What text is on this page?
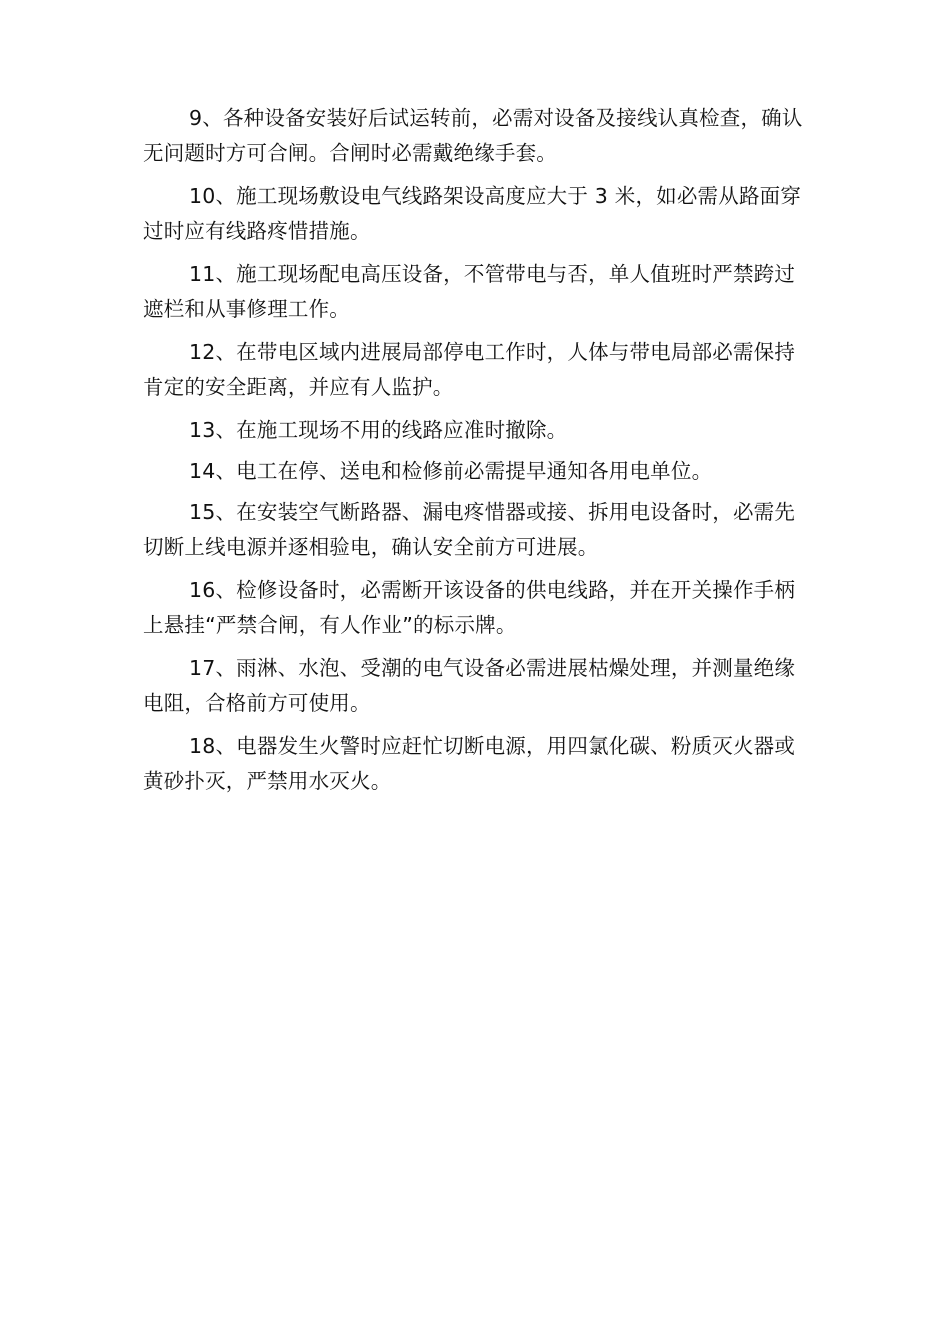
9、各种设备安装好后试运转前，必需对设备及接线认真检查，确认无问题时方可合闸。合闸时必需戴绝缘手套。

10、施工现场敷设电气线路架设高度应大于 3 米，如必需从路面穿过时应有线路疼惜措施。

11、施工现场配电高压设备，不管带电与否，单人值班时严禁跨过遮栏和从事修理工作。

12、在带电区域内进展局部停电工作时，人体与带电局部必需保持肯定的安全距离，并应有人监护。

13、在施工现场不用的线路应准时撤除。

14、电工在停、送电和检修前必需提早通知各用电单位。

15、在安装空气断路器、漏电疼惜器或接、拆用电设备时，必需先切断上线电源并逐相验电，确认安全前方可进展。

16、检修设备时，必需断开该设备的供电线路，并在开关操作手柄上悬挂“严禁合闸，有人作业”的标示牌。

17、雨淋、水泡、受潮的电气设备必需进展枯燥处理，并测量绝缘电阻，合格前方可使用。

18、电器发生火警时应赶忙切断电源，用四氯化碳、粉质灭火器或黄砂扑灭，严禁用水灭火。
